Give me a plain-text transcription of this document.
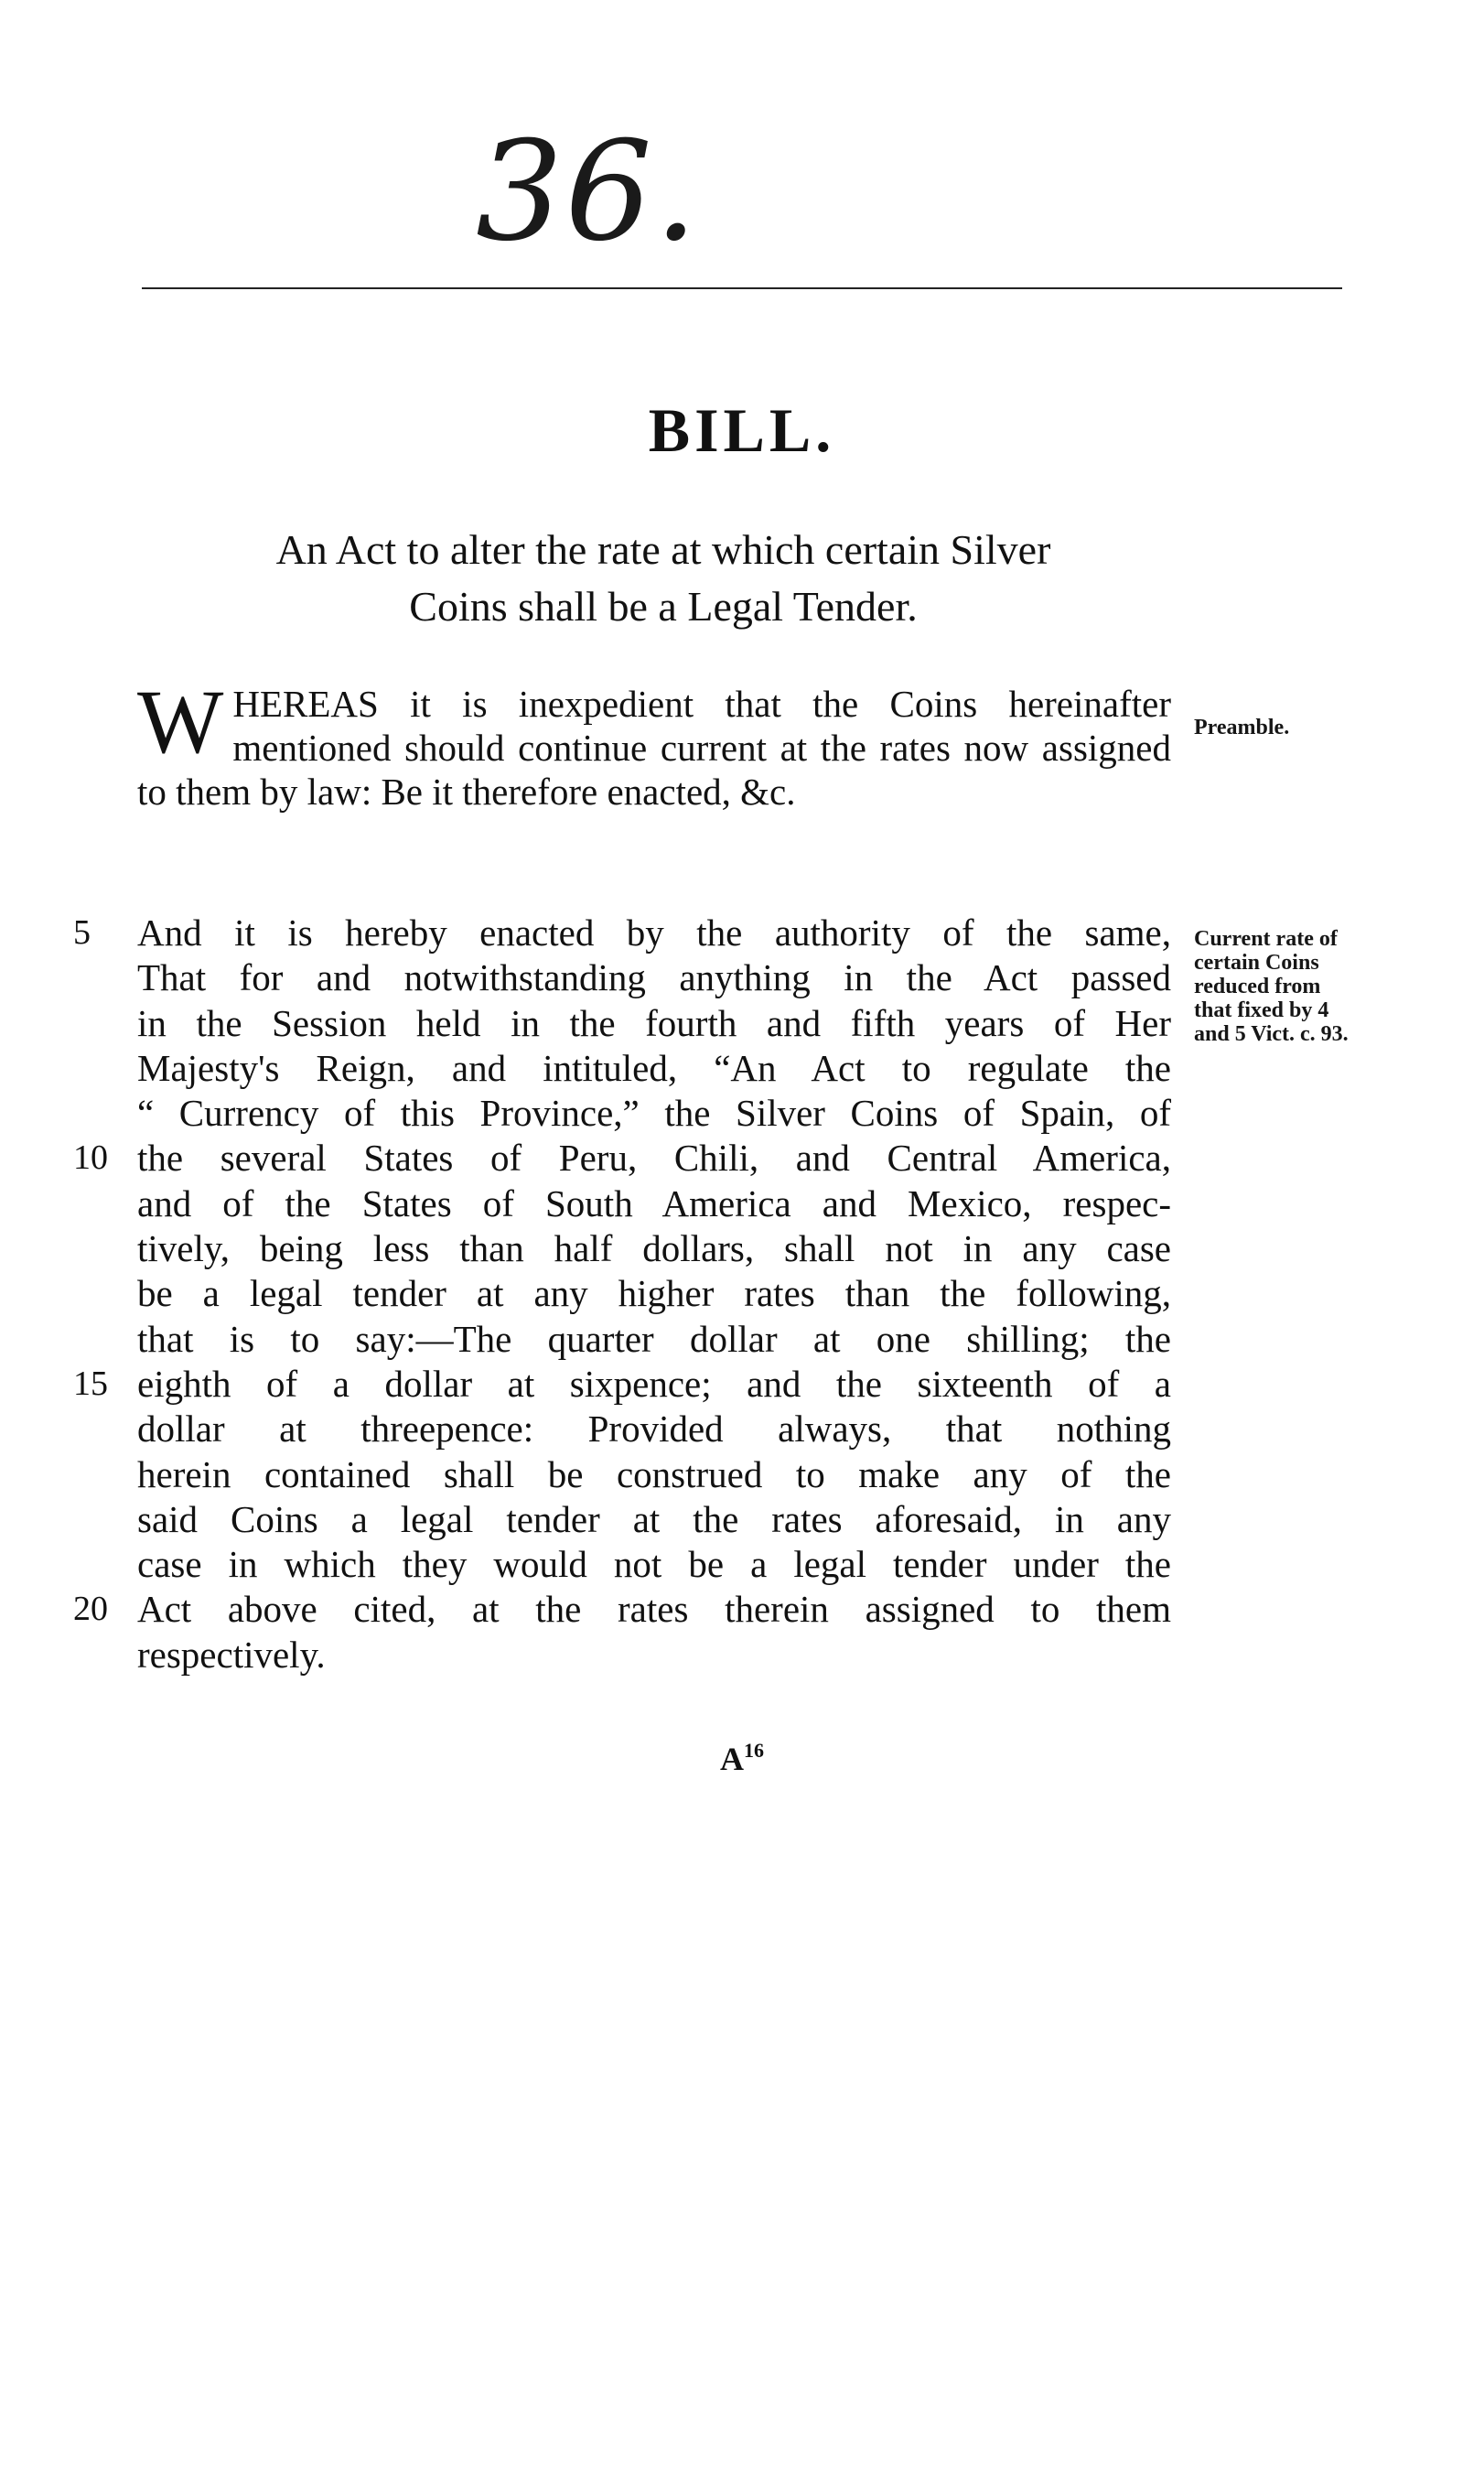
36.
BILL.
An Act to alter the rate at which certain Silver
Coins shall be a Legal Tender.
WHEREAS it is inexpedient that the Coins hereinafter mentioned should continue current at the rates now assigned to them by law: Be it therefore enacted, &c.
Preamble.
5	And it is hereby enacted by the authority of the same,
That for and notwithstanding anything in the Act passed
in the Session held in the fourth and fifth years of Her
Majesty's Reign, and intituled, “An Act to regulate the
“ Currency of this Province,” the Silver Coins of Spain, of
10 the several States of Peru, Chili, and Central America,
and of the States of South America and Mexico, respec-
tively, being less than half dollars, shall not in any case
be a legal tender at any higher rates than the following,
that is to say:—The quarter dollar at one shilling; the
15 eighth of a dollar at sixpence; and the sixteenth of a
dollar at threepence: Provided always, that nothing
herein contained shall be construed to make any of the
said Coins a legal tender at the rates aforesaid, in any
case in which they would not be a legal tender under the
20 Act above cited, at the rates therein assigned to them
respectively.
Current rate of certain Coins reduced from that fixed by 4 and 5 Vict. c. 93.
$A^{16}$
